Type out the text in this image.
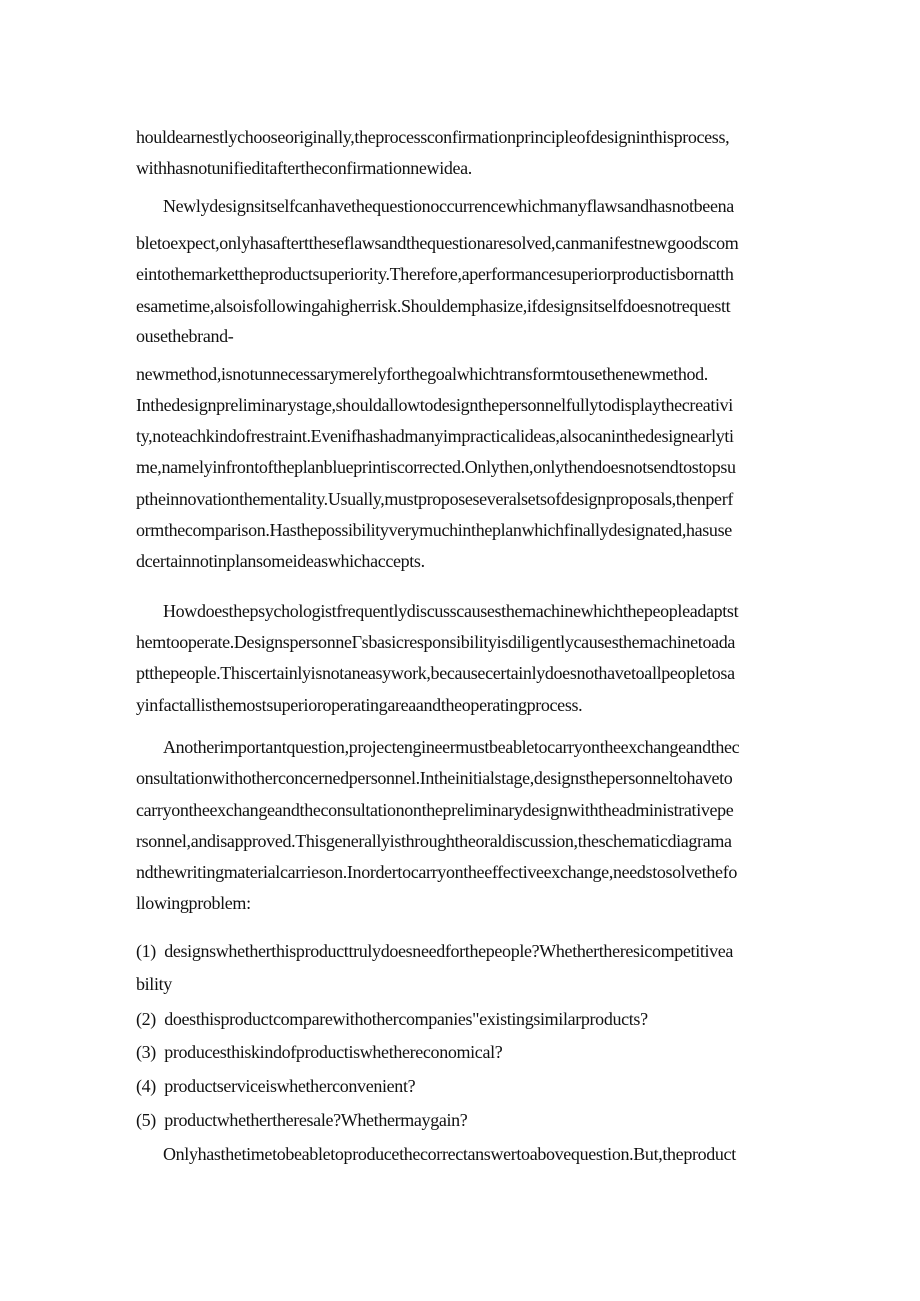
houldearnestlychooseoriginally,theprocessconfirmationprincipleofdesigninthisprocess,
withhasnotunifieditaftertheconfirmationnewidea.
Newlydesignsitselfcanhavethequestionoccurrencewhichmanyflawsandhasnotbeena
bletoexpect,onlyhasafterttheseflawsandthequestionaresolved,canmanifestnewgoodscom
eintothemarkettheproductsuperiority.Therefore,aperformancesuperiorproductisbornatth
esametime,alsoisfollowingahigherrisk.Shouldemphasize,ifdesignsitselfdoesnotrequestt
ousethebrand-
newmethod,isnotunnecessarymerelyforthegoalwhichtransformtousethenewmethod.
Inthedesignpreliminarystage,shouldallowtodesignthepersonnelfullytodisplaythecreativi
ty,noteachkindofrestraint.Evenifhashadmanyimpracticalideas,alsocaninthedesignearlyti
me,namelyinfrontoftheplanblueprintiscorrected.Onlythen,onlythendoesnotsendtostopsu
ptheinnovationthementality.Usually,mustproposeseveralsetsofdesignproposals,thenperf
ormthecomparison.Hasthepossibilityverymuchintheplanwhichfinallydesignated,hasuse
dcertainnotinplansomeideaswhichaccepts.
Howdoesthepsychologistfrequentlydiscusscausesthemachinewhichthepeopleadaptst
hemtooperate.DesignspersonneΓsbasicresponsibilityisdiligentlycausesthemachinetoada
ptthepeople.Thiscertainlyisnotaneasywork,becausecertainlydoesnothavetoallpeopletosa
yinfactallisthemostsuperioroperatingareaandtheoperatingprocess.
Anotherimportantquestion,projectengineermustbeabletocarryontheexchangeandthec
onsultationwithotherconcernedpersonnel.Intheinitialstage,designsthepersonneltohaveto
carryontheexchangeandtheconsultationonthepreliminarydesignwiththeadministrativepe
rsonnel,andisapproved.Thisgenerallyisthroughtheoraldiscussion,theschematicdiagrama
ndthewritingmaterialcarrieson.Inordertocarryontheeffectiveexchange,needstosolvethefo
llowingproblem:
(1)  designswhetherthisproducttrulydoesneedforthepeople?Whethertheresicompetitivea
bility
(2)  doesthisproductcomparewithothercompanies"existingsimilarproducts?
(3)  producesthiskindofproductiswhethereconomical?
(4)  productserviceiswhetherconvenient?
(5)  productwhethertheresale?Whethermaygain?
Onlyhasthetimetobeabletoproducethecorrectanswertoabovequestion.But,theproduct
